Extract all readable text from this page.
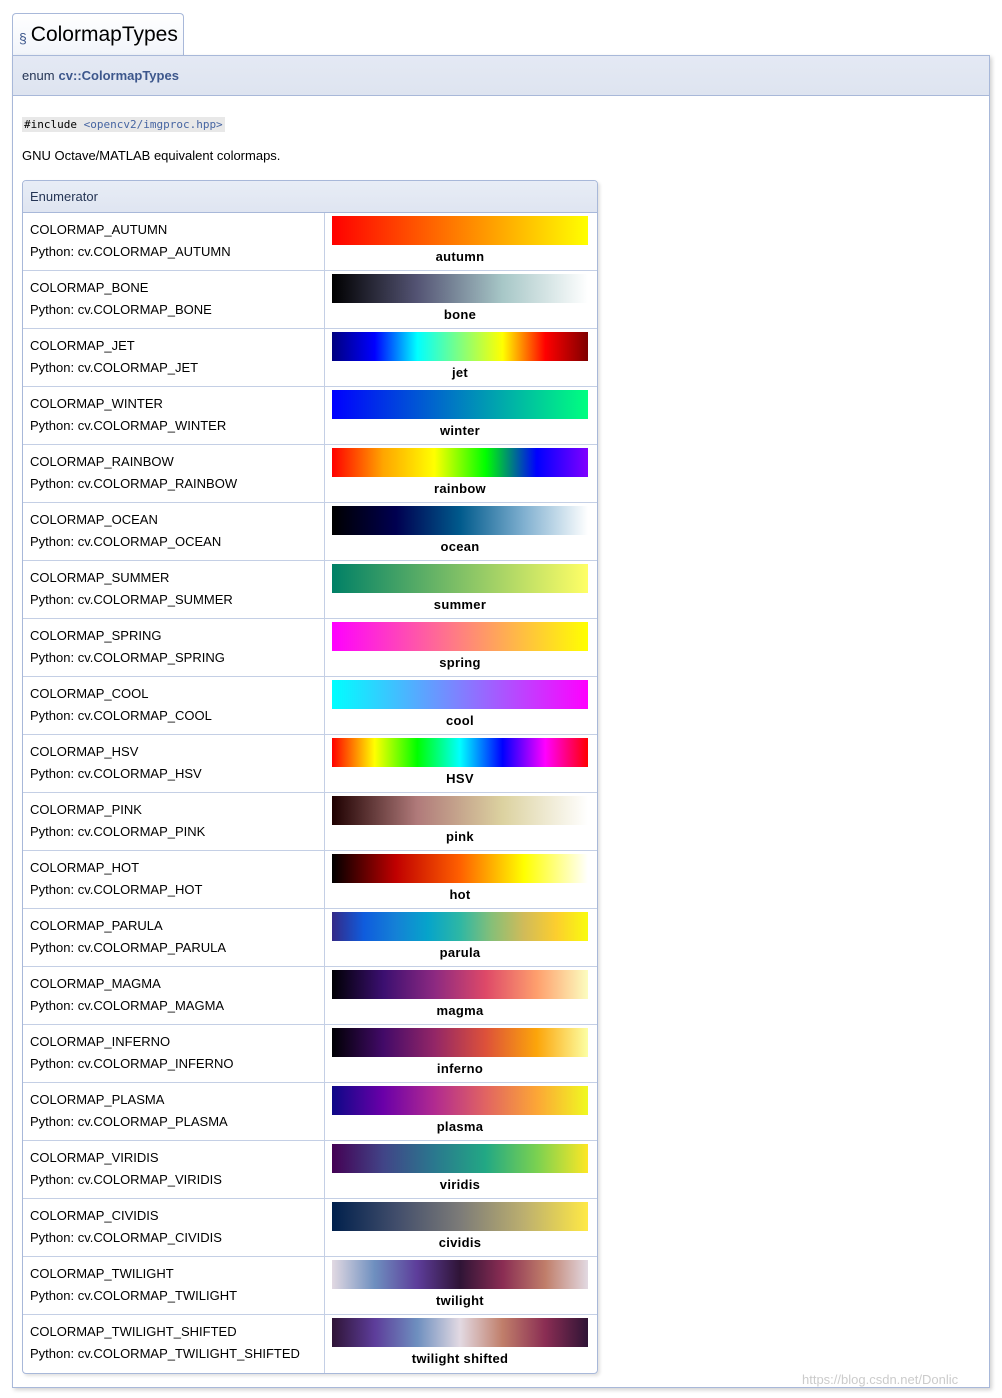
§ ColormapTypes
enum cv::ColormapTypes
#include <opencv2/imgproc.hpp>
GNU Octave/MATLAB equivalent colormaps.
Enumerator
COLORMAP_AUTUMN
Python: cv.COLORMAP_AUTUMN	autumn
COLORMAP_BONE
Python: cv.COLORMAP_BONE	bone
COLORMAP_JET
Python: cv.COLORMAP_JET	jet
COLORMAP_WINTER
Python: cv.COLORMAP_WINTER	winter
COLORMAP_RAINBOW
Python: cv.COLORMAP_RAINBOW	rainbow
COLORMAP_OCEAN
Python: cv.COLORMAP_OCEAN	ocean
COLORMAP_SUMMER
Python: cv.COLORMAP_SUMMER	summer
COLORMAP_SPRING
Python: cv.COLORMAP_SPRING	spring
COLORMAP_COOL
Python: cv.COLORMAP_COOL	cool
COLORMAP_HSV
Python: cv.COLORMAP_HSV	HSV
COLORMAP_PINK
Python: cv.COLORMAP_PINK	pink
COLORMAP_HOT
Python: cv.COLORMAP_HOT	hot
COLORMAP_PARULA
Python: cv.COLORMAP_PARULA	parula
COLORMAP_MAGMA
Python: cv.COLORMAP_MAGMA	magma
COLORMAP_INFERNO
Python: cv.COLORMAP_INFERNO	inferno
COLORMAP_PLASMA
Python: cv.COLORMAP_PLASMA	plasma
COLORMAP_VIRIDIS
Python: cv.COLORMAP_VIRIDIS	viridis
COLORMAP_CIVIDIS
Python: cv.COLORMAP_CIVIDIS	cividis
COLORMAP_TWILIGHT
Python: cv.COLORMAP_TWILIGHT	twilight
COLORMAP_TWILIGHT_SHIFTED
Python: cv.COLORMAP_TWILIGHT_SHIFTED	twilight shifted
https://blog.csdn.net/Donlic
